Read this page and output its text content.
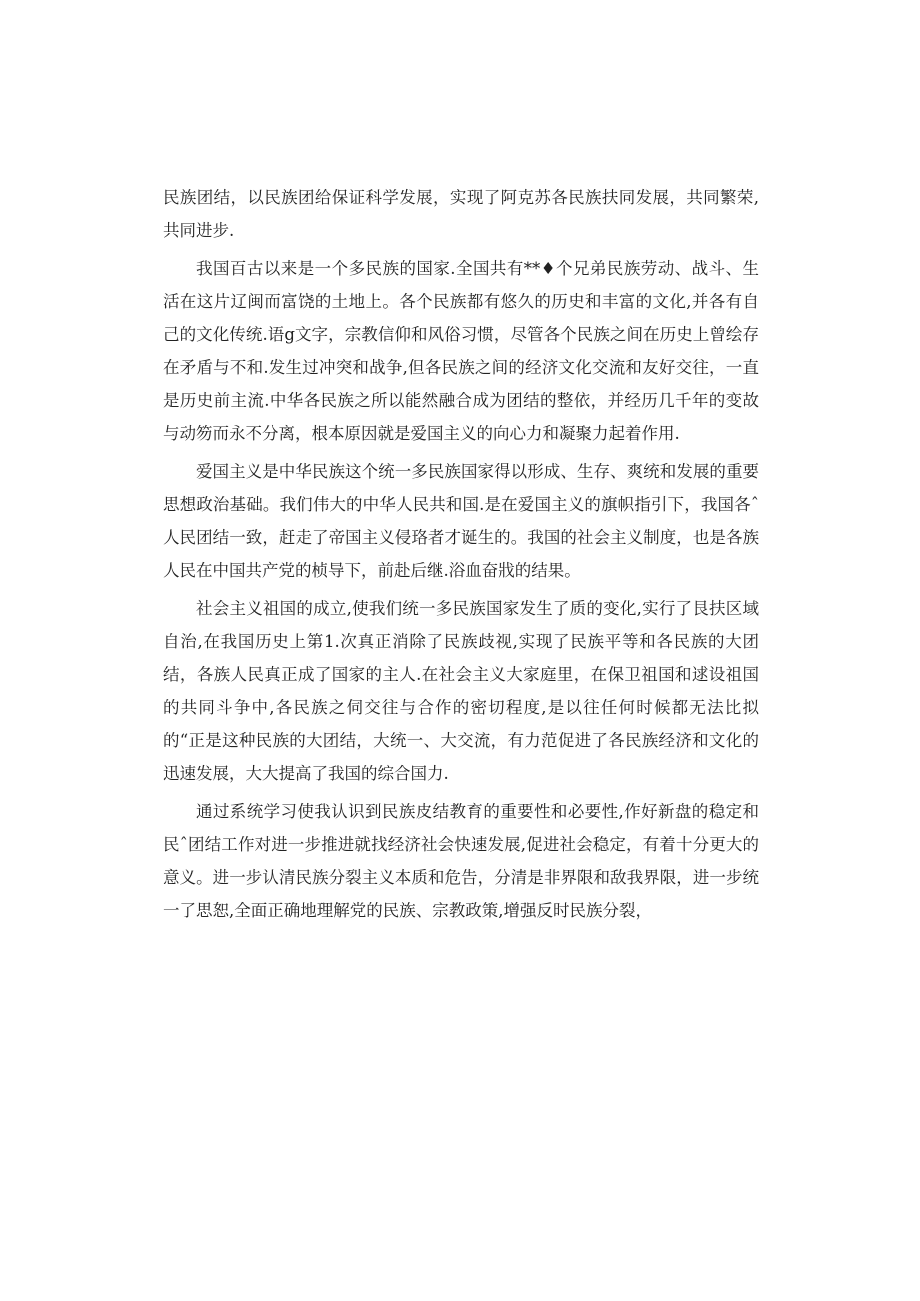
民族团结，以民族团给保证科学发展，实现了阿克苏各民族扶同发展，共同繁荣,共同进步.

我国百古以来是一个多民族的国家.全国共有**♦个兄弟民族劳动、战斗、生活在这片辽闽而富饶的土地上。各个民族都有悠久的历史和丰富的文化,并各有自己的文化传统.语g文字，宗教信仰和风俗习惯，尽管各个民族之间在历史上曾绘存在矛盾与不和.发生过冲突和战争,但各民族之间的经济文化交流和友好交往，一直是历史前主流.中华各民族之所以能然融合成为团结的整依，并经历几千年的变故与动笏而永不分离，根本原因就是爱国主义的向心力和凝聚力起着作用.

爱国主义是中华民族这个统一多民族国家得以形成、生存、爽统和发展的重要思想政治基础。我们伟大的中华人民共和国.是在爱国主义的旗帜指引下，我国各ˆ人民团结一致，赶走了帝国主义侵珞者才诞生的。我国的社会主义制度，也是各族人民在中国共产党的桢导下，前赴后继.浴血奋戕的结果。

社会主义祖国的成立,使我们统一多民族国家发生了质的变化,实行了艮扶区域自治,在我国历史上第1.次真正消除了民族歧视,实现了民族平等和各民族的大团结，各族人民真正成了国家的主人.在社会主义大家庭里，在保卫祖国和逑设祖国的共同斗争中,各民族之伺交往与合作的密切程度,是以往任何时候都无法比拟的“正是这种民族的大团结，大统一、大交流，有力范促进了各民族经济和文化的迅速发展，大大提高了我国的综合国力.

通过系统学习使我认识到民族皮结教育的重要性和必要性,作好新盘的稳定和民ˆ团结工作对进一步推进就找经济社会快速发展,促进社会稳定，有着十分更大的意义。进一步认清民族分裂主义本质和危告，分清是非界限和敌我界限，进一步统一了思恕,全面正确地理解党的民族、宗教政策,增强反时民族分裂，
